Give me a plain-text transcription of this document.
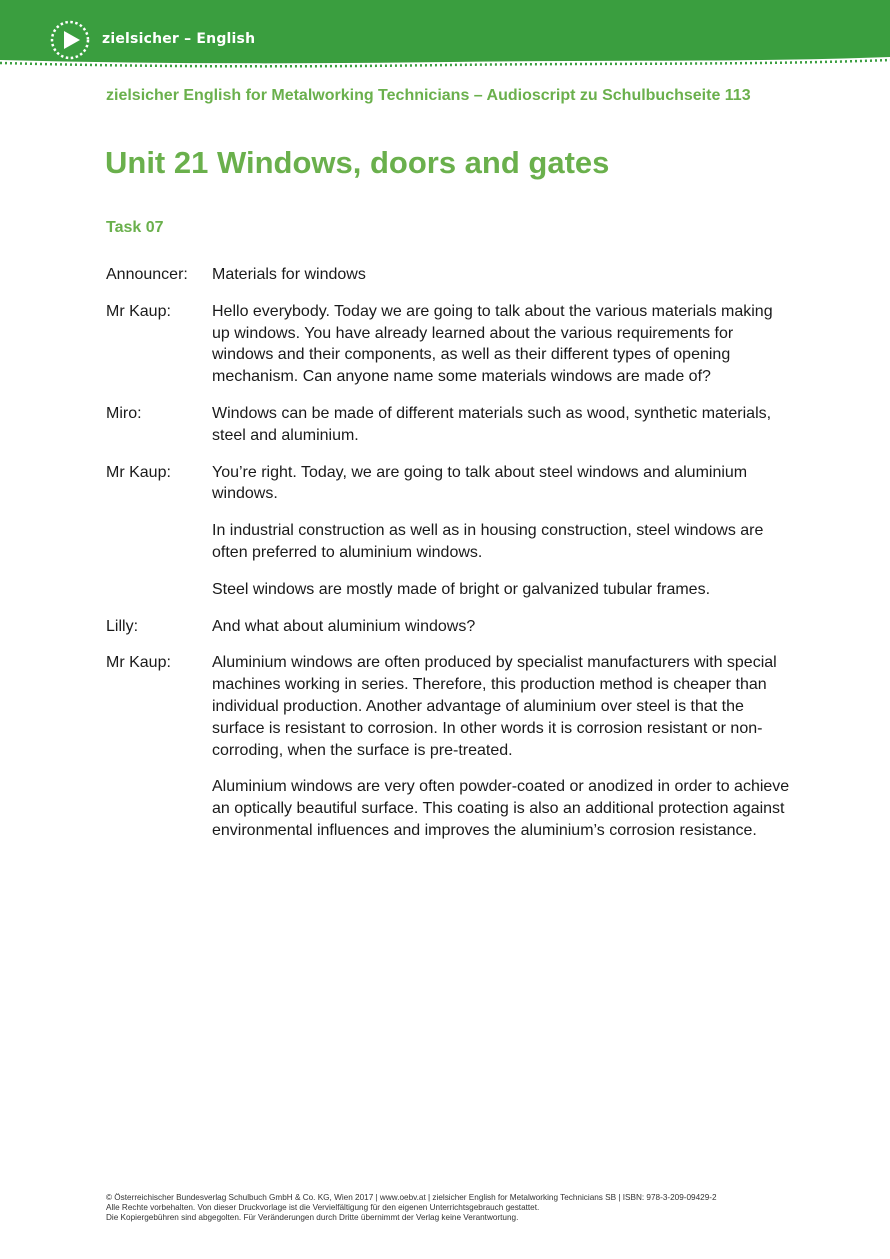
zielsicher – English
zielsicher English for Metalworking Technicians – Audioscript zu Schulbuchseite 113
Unit 21 Windows, doors and gates
Task 07
Announcer:	Materials for windows

Mr Kaup:	Hello everybody. Today we are going to talk about the various materials making up windows. You have already learned about the various requirements for windows and their components, as well as their different types of opening mechanism. Can anyone name some materials windows are made of?

Miro:	Windows can be made of different materials such as wood, synthetic materials, steel and aluminium.

Mr Kaup:	You’re right. Today, we are going to talk about steel windows and aluminium windows.

In industrial construction as well as in housing construction, steel windows are often preferred to aluminium windows.

Steel windows are mostly made of bright or galvanized tubular frames.

Lilly:	And what about aluminium windows?

Mr Kaup:	Aluminium windows are often produced by specialist manufacturers with special machines working in series. Therefore, this production method is cheaper than individual production. Another advantage of aluminium over steel is that the surface is resistant to corrosion. In other words it is corrosion resistant or non-corroding, when the surface is pre-treated.

Aluminium windows are very often powder-coated or anodized in order to achieve an optically beautiful surface. This coating is also an additional protection against environmental influences and improves the aluminium’s corrosion resistance.

© Österreichischer Bundesverlag Schulbuch GmbH & Co. KG, Wien 2017 | www.oebv.at | zielsicher English for Metalworking Technicians SB | ISBN: 978-3-209-09429-2
Alle Rechte vorbehalten. Von dieser Druckvorlage ist die Vervielfältigung für den eigenen Unterrichtsgebrauch gestattet.
Die Kopiergebühren sind abgegolten. Für Veränderungen durch Dritte übernimmt der Verlag keine Verantwortung.
